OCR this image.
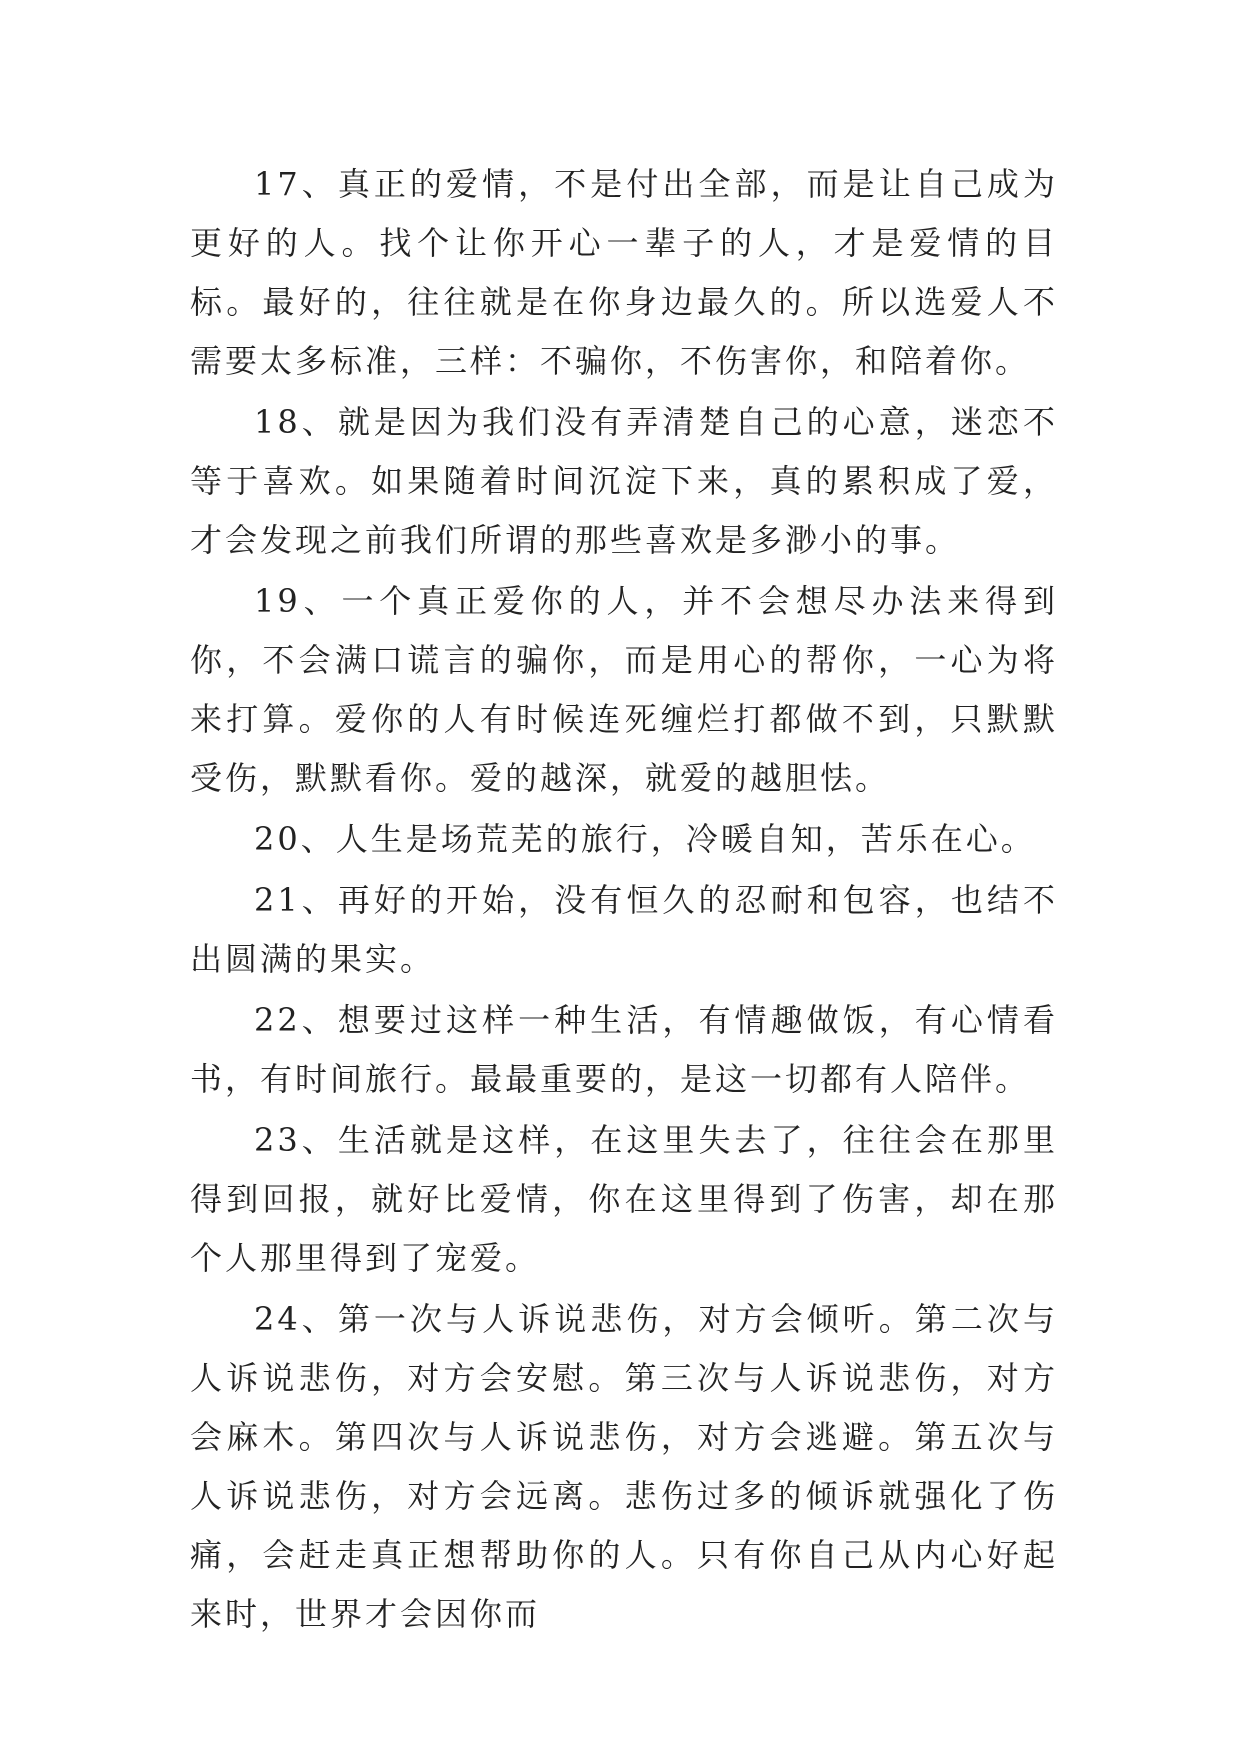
17、真正的爱情，不是付出全部，而是让自己成为更好的人。找个让你开心一辈子的人，才是爱情的目标。最好的，往往就是在你身边最久的。所以选爱人不需要太多标准，三样：不骗你，不伤害你，和陪着你。

18、就是因为我们没有弄清楚自己的心意，迷恋不等于喜欢。如果随着时间沉淀下来，真的累积成了爱，才会发现之前我们所谓的那些喜欢是多渺小的事。

19、一个真正爱你的人，并不会想尽办法来得到你，不会满口谎言的骗你，而是用心的帮你，一心为将来打算。爱你的人有时候连死缠烂打都做不到，只默默受伤，默默看你。爱的越深，就爱的越胆怯。

20、人生是场荒芜的旅行，冷暖自知，苦乐在心。

21、再好的开始，没有恒久的忍耐和包容，也结不出圆满的果实。

22、想要过这样一种生活，有情趣做饭，有心情看书，有时间旅行。最最重要的，是这一切都有人陪伴。

23、生活就是这样，在这里失去了，往往会在那里得到回报，就好比爱情，你在这里得到了伤害，却在那个人那里得到了宠爱。

24、第一次与人诉说悲伤，对方会倾听。第二次与人诉说悲伤，对方会安慰。第三次与人诉说悲伤，对方会麻木。第四次与人诉说悲伤，对方会逃避。第五次与人诉说悲伤，对方会远离。悲伤过多的倾诉就强化了伤痛，会赶走真正想帮助你的人。只有你自己从内心好起来时，世界才会因你而
